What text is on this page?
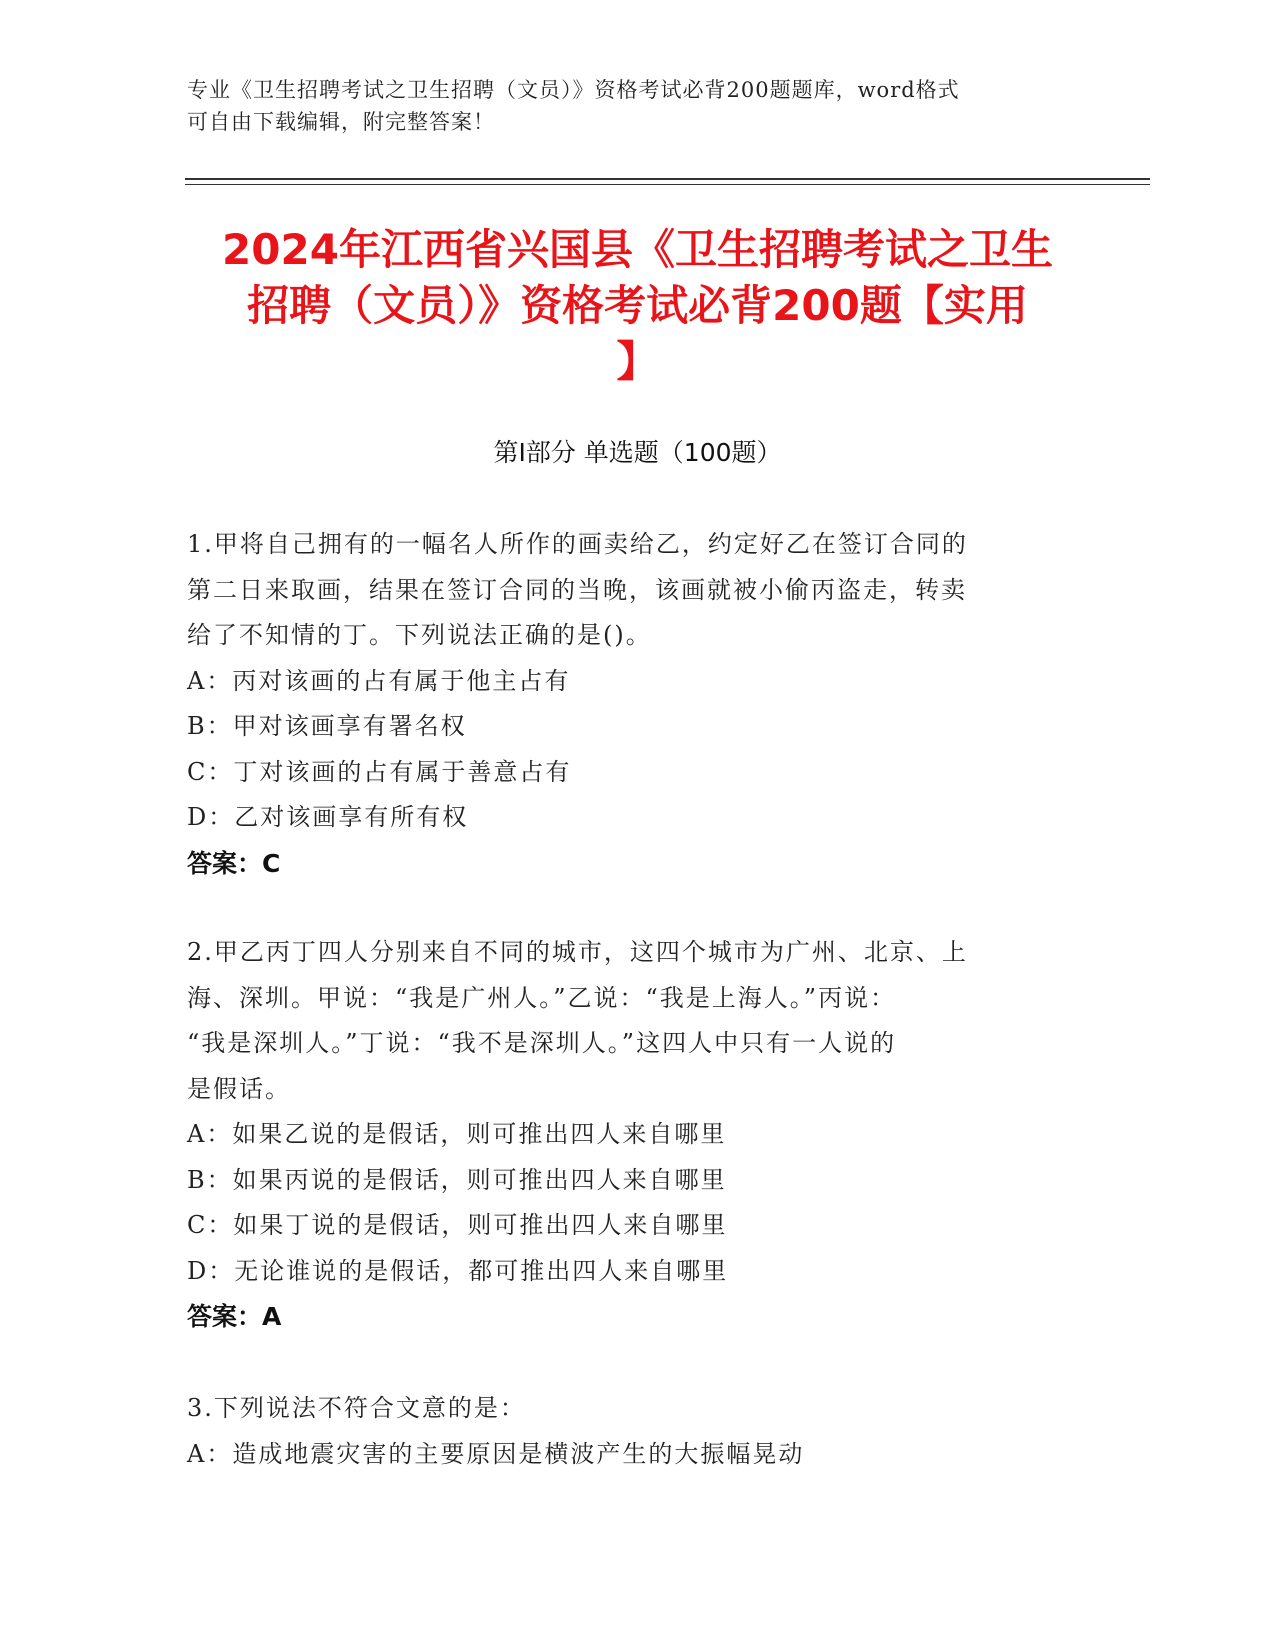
专业《卫生招聘考试之卫生招聘（文员）》资格考试必背200题题库，word格式
可自由下载编辑，附完整答案！
2024年江西省兴国县《卫生招聘考试之卫生
招聘（文员）》资格考试必背200题【实用
】
第Ⅰ部分 单选题（100题）
1.甲将自己拥有的一幅名人所作的画卖给乙，约定好乙在签订合同的
第二日来取画，结果在签订合同的当晚，该画就被小偷丙盗走，转卖
给了不知情的丁。下列说法正确的是()。
A：丙对该画的占有属于他主占有
B：甲对该画享有署名权
C：丁对该画的占有属于善意占有
D：乙对该画享有所有权
答案：C
2.甲乙丙丁四人分别来自不同的城市，这四个城市为广州、北京、上
海、深圳。甲说：“我是广州人。”乙说：“我是上海人。”丙说：
“我是深圳人。”丁说：“我不是深圳人。”这四人中只有一人说的
是假话。
A：如果乙说的是假话，则可推出四人来自哪里
B：如果丙说的是假话，则可推出四人来自哪里
C：如果丁说的是假话，则可推出四人来自哪里
D：无论谁说的是假话，都可推出四人来自哪里
答案：A
3.下列说法不符合文意的是：
A：造成地震灾害的主要原因是横波产生的大振幅晃动
